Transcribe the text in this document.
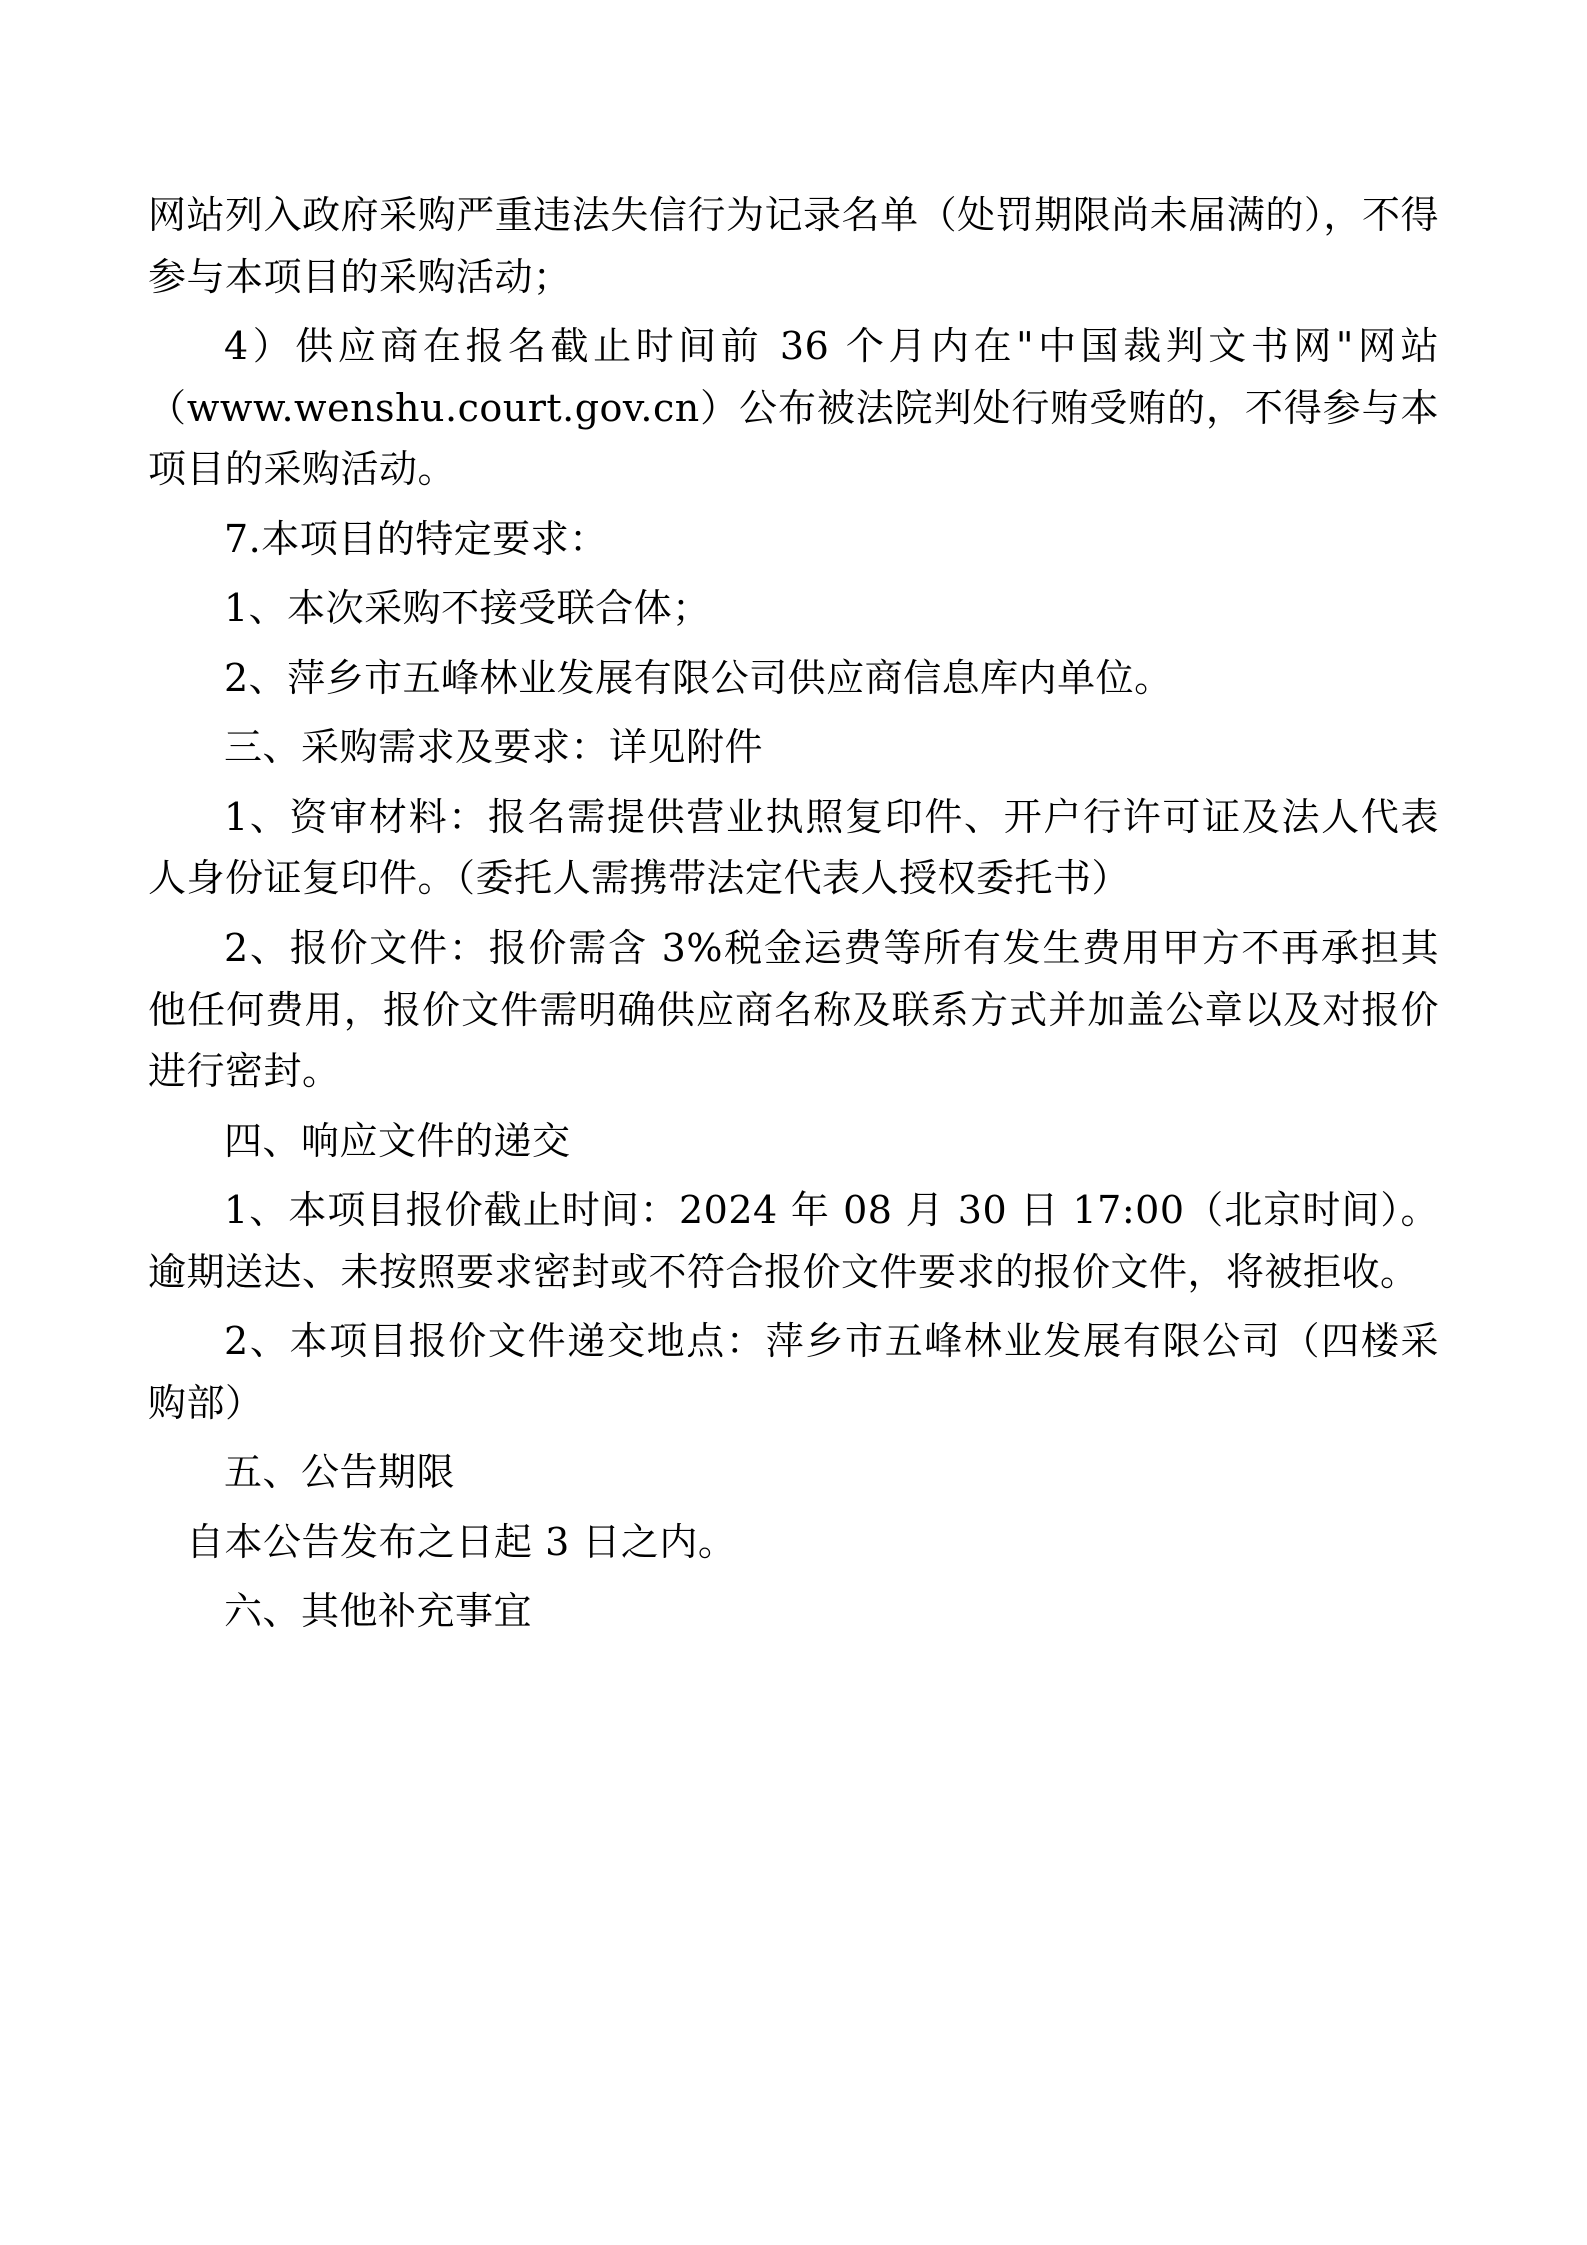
网站列入政府采购严重违法失信行为记录名单（处罚期限尚未届满的），不得参与本项目的采购活动；

4）供应商在报名截止时间前 36 个月内在"中国裁判文书网"网站（www.wenshu.court.gov.cn）公布被法院判处行贿受贿的，不得参与本项目的采购活动。

7.本项目的特定要求：

1、本次采购不接受联合体；

2、萍乡市五峰林业发展有限公司供应商信息库内单位。

三、采购需求及要求：详见附件

1、资审材料：报名需提供营业执照复印件、开户行许可证及法人代表人身份证复印件。（委托人需携带法定代表人授权委托书）

2、报价文件：报价需含 3%税金运费等所有发生费用甲方不再承担其他任何费用，报价文件需明确供应商名称及联系方式并加盖公章以及对报价进行密封。

四、响应文件的递交

1、本项目报价截止时间：2024 年 08 月 30 日 17:00（北京时间）。逾期送达、未按照要求密封或不符合报价文件要求的报价文件，将被拒收。

2、本项目报价文件递交地点：萍乡市五峰林业发展有限公司（四楼采购部）

五、公告期限

自本公告发布之日起 3 日之内。

六、其他补充事宜
